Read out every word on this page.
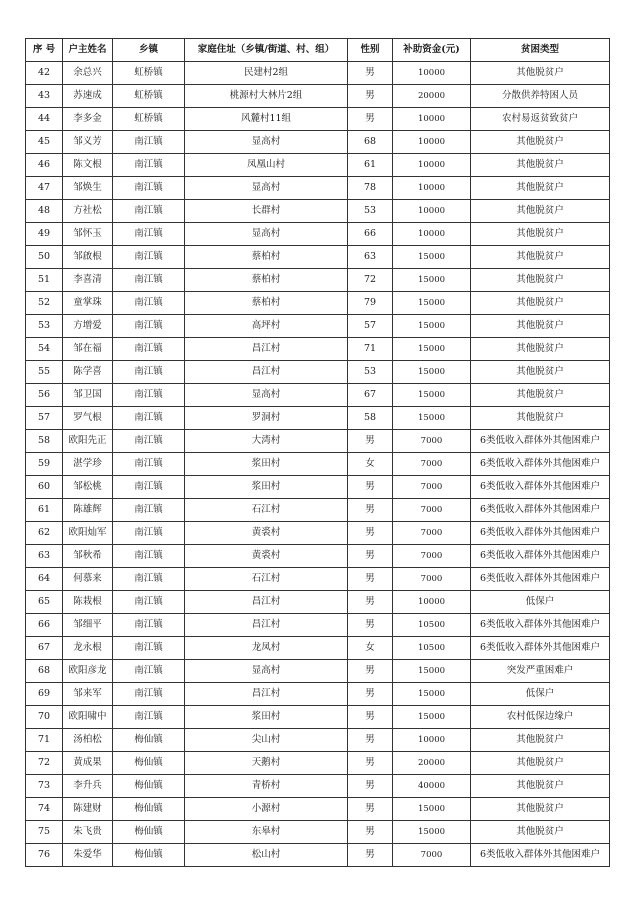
序 号	户主姓名	乡镇	家庭住址（乡镇/街道、村、组）	性别	补助资金(元)	贫困类型
42	余总兴	虹桥镇	民建村2组	男	10000	其他脱贫户
43	苏速成	虹桥镇	桃源村大林片2组	男	20000	分散供养特困人员
44	李多金	虹桥镇	风麓村11组	男	10000	农村易返贫致贫户
45	邹义芳	南江镇	显高村	68	10000	其他脱贫户
46	陈文根	南江镇	凤凰山村	61	10000	其他脱贫户
47	邹焕生	南江镇	显高村	78	10000	其他脱贫户
48	方社松	南江镇	长群村	53	10000	其他脱贫户
49	邹怀玉	南江镇	显高村	66	10000	其他脱贫户
50	邹啟根	南江镇	蔡柏村	63	15000	其他脱贫户
51	李喜清	南江镇	蔡柏村	72	15000	其他脱贫户
52	童掌珠	南江镇	蔡柏村	79	15000	其他脱贫户
53	方增爱	南江镇	高坪村	57	15000	其他脱贫户
54	邹在福	南江镇	昌江村	71	15000	其他脱贫户
55	陈学喜	南江镇	昌江村	53	15000	其他脱贫户
56	邹卫国	南江镇	显高村	67	15000	其他脱贫户
57	罗气根	南江镇	罗洞村	58	15000	其他脱贫户
58	欧阳先正	南江镇	大湾村	男	7000	6类低收入群体外其他困难户
59	湛学珍	南江镇	浆田村	女	7000	6类低收入群体外其他困难户
60	邹松桃	南江镇	浆田村	男	7000	6类低收入群体外其他困难户
61	陈雄辉	南江镇	石江村	男	7000	6类低收入群体外其他困难户
62	欧阳灿军	南江镇	黄裘村	男	7000	6类低收入群体外其他困难户
63	邹秋希	南江镇	黄裘村	男	7000	6类低收入群体外其他困难户
64	何慕来	南江镇	石江村	男	7000	6类低收入群体外其他困难户
65	陈栽根	南江镇	昌江村	男	10000	低保户
66	邹细平	南江镇	昌江村	男	10500	6类低收入群体外其他困难户
67	龙永根	南江镇	龙凤村	女	10500	6类低收入群体外其他困难户
68	欧阳彦龙	南江镇	显高村	男	15000	突发严重困难户
69	邹来军	南江镇	昌江村	男	15000	低保户
70	欧阳啸中	南江镇	浆田村	男	15000	农村低保边缘户
71	汤柏松	梅仙镇	尖山村	男	10000	其他脱贫户
72	黄成果	梅仙镇	天鹅村	男	20000	其他脱贫户
73	李升兵	梅仙镇	青桥村	男	40000	其他脱贫户
74	陈建财	梅仙镇	小源村	男	15000	其他脱贫户
75	朱飞贵	梅仙镇	东皋村	男	15000	其他脱贫户
76	朱爱华	梅仙镇	松山村	男	7000	6类低收入群体外其他困难户
